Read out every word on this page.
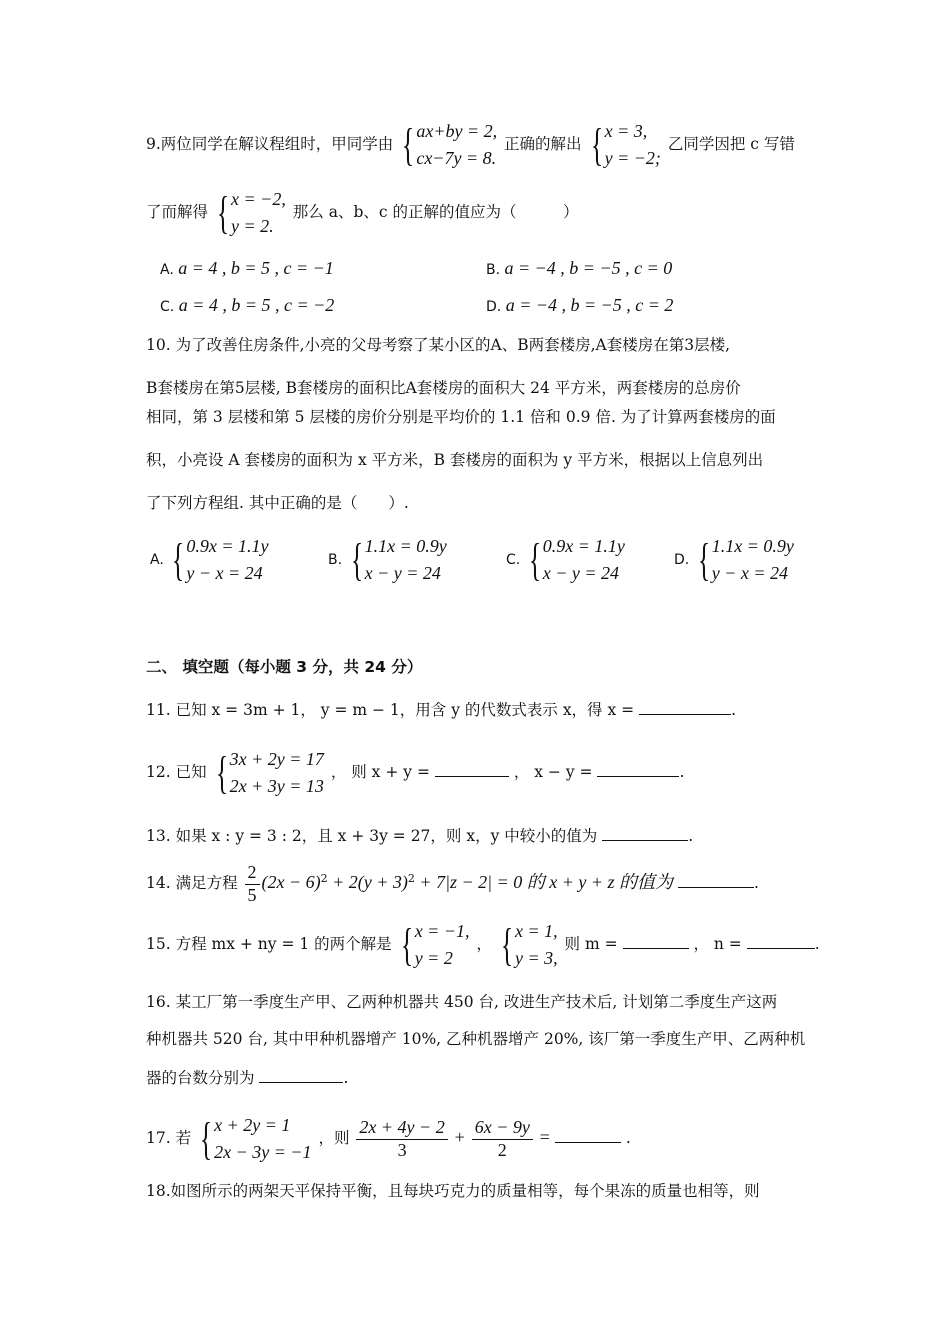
9.两位同学在解议程组时，甲同学由 { ax+by = 2,
cx−7y = 8.
正确的解出 { x = 3,
y = −2;
乙同学因把 c 写错
了而解得 { x = −2,
y = 2.
那么 a、b、c 的正解的值应为（　　　）
A. a = 4 , b = 5 , c = −1	B. a = −4 , b = −5 , c = 0
C. a = 4 , b = 5 , c = −2	D. a = −4 , b = −5 , c = 2
10. 为了改善住房条件,小亮的父母考察了某小区的A、B两套楼房,A套楼房在第3层楼,
B套楼房在第5层楼, B套楼房的面积比A套楼房的面积大 24 平方米，两套楼房的总房价
相同，第 3 层楼和第 5 层楼的房价分别是平均价的 1.1 倍和 0.9 倍. 为了计算两套楼房的面
积，小亮设 A 套楼房的面积为 x 平方米，B 套楼房的面积为 y 平方米，根据以上信息列出
了下列方程组. 其中正确的是（　　）.
A. { 0.9x = 1.1y
y − x = 24
B. { 1.1x = 0.9y
x − y = 24
C. { 0.9x = 1.1y
x − y = 24
D. { 1.1x = 0.9y
y − x = 24
二、 填空题（每小题 3 分，共 24 分）
11. 已知 x = 3m + 1， y = m − 1，用含 y 的代数式表示 x，得 x =	.
12. 已知 { 3x + 2y = 17
2x + 3y = 13
， 则 x + y =	， x − y =	.
13. 如果 x : y = 3 : 2，且 x + 3y = 27，则 x，y 中较小的值为	.
14. 满足方程 $\frac{2}{5} (2x - 6)^2 + 2(y + 3)^2 + 7|z - 2| = 0$ 的 x + y + z 的值为	.
15. 方程 mx + ny = 1 的两个解是 { x = −1,
y = 2
， { x = 1,
y = 3,
则 m =	， n =	.
16. 某工厂第一季度生产甲、乙两种机器共 450 台, 改进生产技术后, 计划第二季度生产这两
种机器共 520 台, 其中甲种机器增产 10%, 乙种机器增产 20%, 该厂第一季度生产甲、乙两种机
器的台数分别为	.
17. 若 { x + 2y = 1
2x − 3y = −1
，则 $\frac{2x + 4y - 2}{3} + \frac{6x - 9y}{2}$ =	.
18.如图所示的两架天平保持平衡，且每块巧克力的质量相等，每个果冻的质量也相等，则
